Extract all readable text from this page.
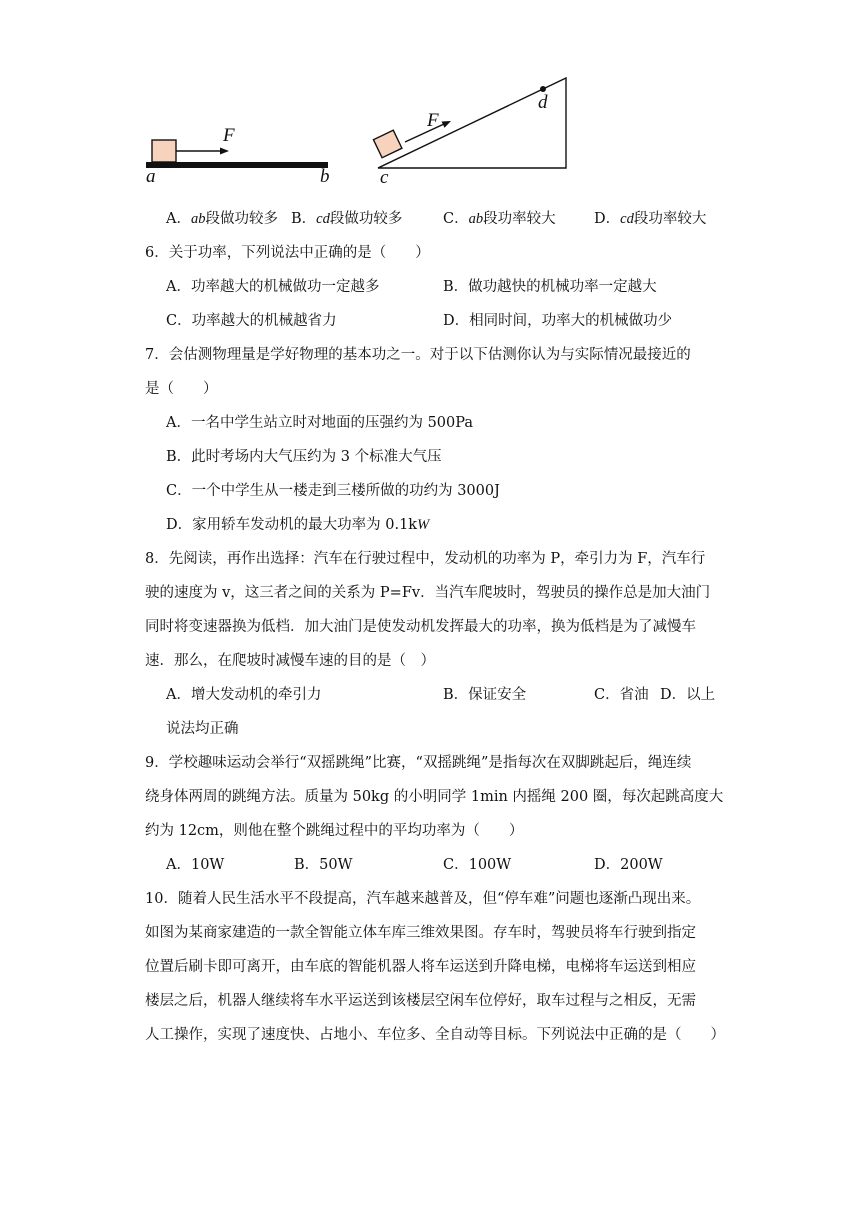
a	b
F
c
F
d
A．ab段做功较多 B．cd段做功较多	C．ab段功率较大	D．cd段功率较大
6．关于功率，下列说法中正确的是（　　）
A．功率越大的机械做功一定越多	B．做功越快的机械功率一定越大
C．功率越大的机械越省力	D．相同时间，功率大的机械做功少
7．会估测物理量是学好物理的基本功之一。对于以下估测你认为与实际情况最接近的
是（　　）
A．一名中学生站立时对地面的压强约为 500Pa
B．此时考场内大气压约为 3 个标准大气压
C．一个中学生从一楼走到三楼所做的功约为 3000J
D．家用轿车发动机的最大功率为 0.1kW
8．先阅读，再作出选择：汽车在行驶过程中，发动机的功率为 P，牵引力为 F，汽车行
驶的速度为 v，这三者之间的关系为 P=Fv．当汽车爬坡时，驾驶员的操作总是加大油门
同时将变速器换为低档．加大油门是使发动机发挥最大的功率，换为低档是为了减慢车
速．那么，在爬坡时减慢车速的目的是（　）
A．增大发动机的牵引力	B．保证安全	C．省油 D．以上
说法均正确
9．学校趣味运动会举行“双摇跳绳”比赛，“双摇跳绳”是指每次在双脚跳起后，绳连续
绕身体两周的跳绳方法。质量为 50kg 的小明同学 1min 内摇绳 200 圈，每次起跳高度大
约为 12cm，则他在整个跳绳过程中的平均功率为（　　）
A．10W	B．50W	C．100W	D．200W
10．随着人民生活水平不段提高，汽车越来越普及，但“停车难”问题也逐渐凸现出来。
如图为某商家建造的一款全智能立体车库三维效果图。存车时，驾驶员将车行驶到指定
位置后刷卡即可离开，由车底的智能机器人将车运送到升降电梯，电梯将车运送到相应
楼层之后，机器人继续将车水平运送到该楼层空闲车位停好，取车过程与之相反，无需
人工操作，实现了速度快、占地小、车位多、全自动等目标。下列说法中正确的是（　　）
